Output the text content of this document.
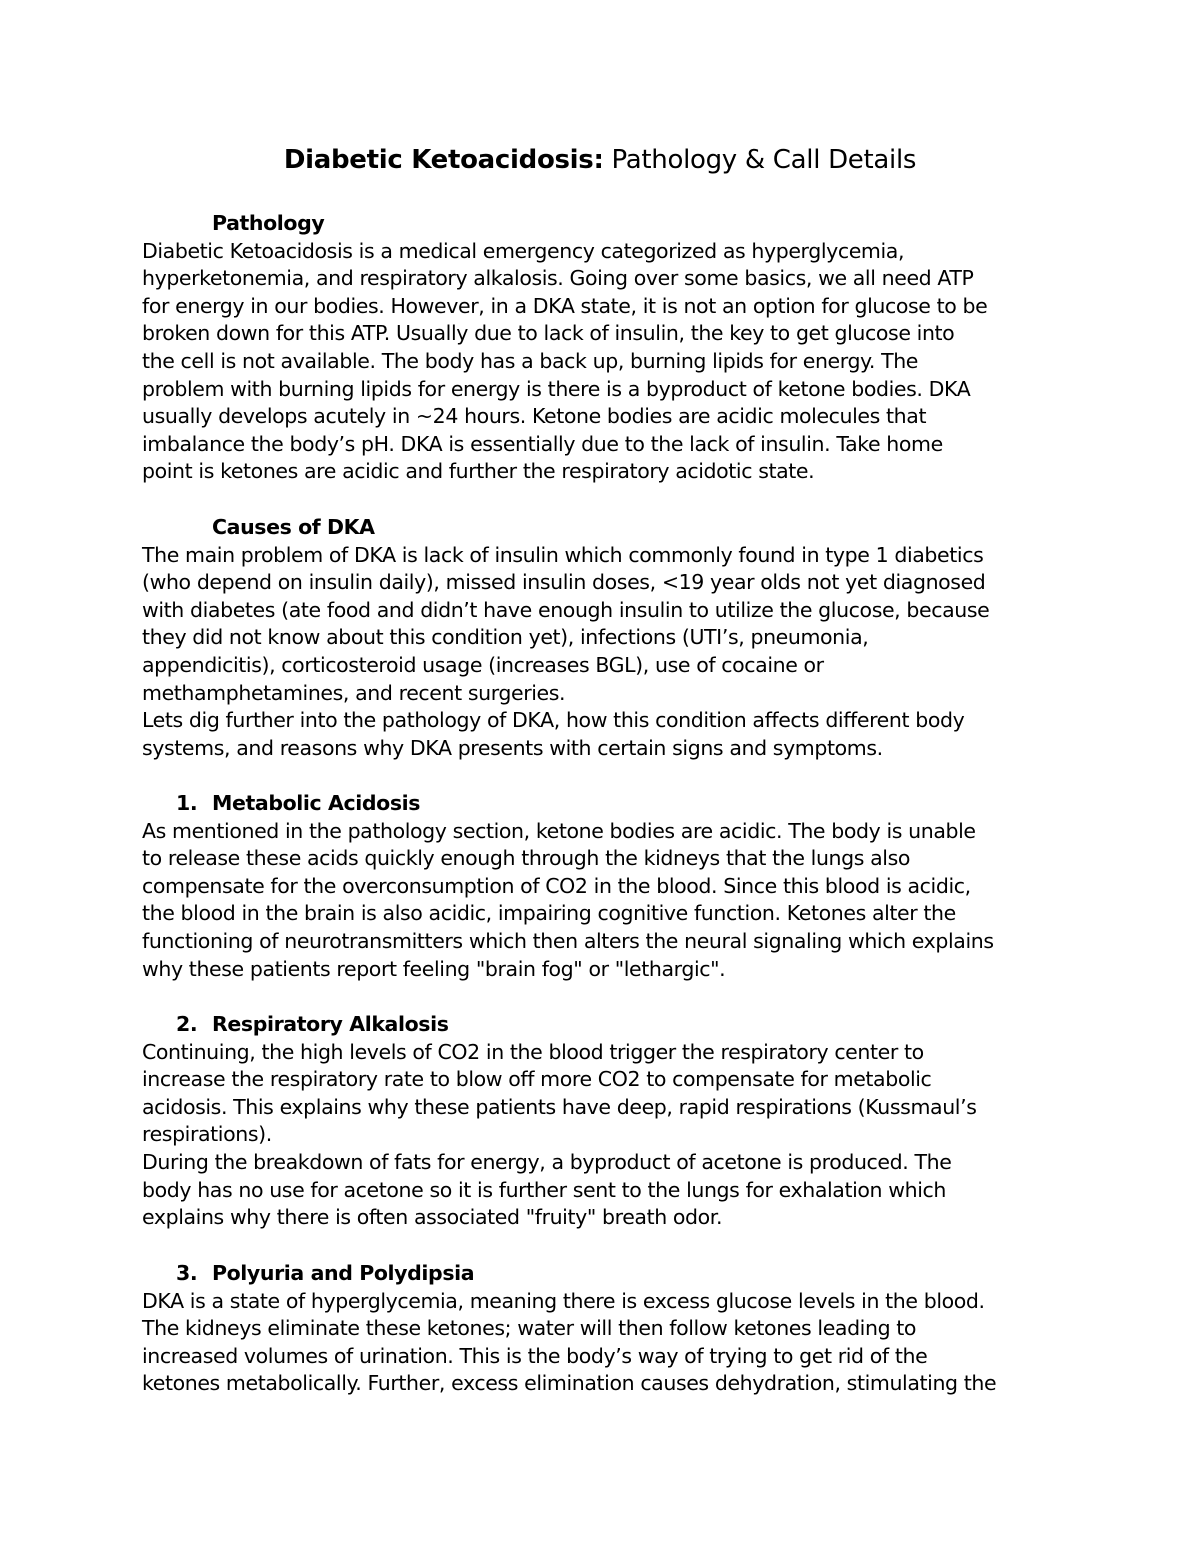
Diabetic Ketoacidosis: Pathology & Call Details
Pathology
Diabetic Ketoacidosis is a medical emergency categorized as hyperglycemia,
hyperketonemia, and respiratory alkalosis. Going over some basics, we all need ATP
for energy in our bodies. However, in a DKA state, it is not an option for glucose to be
broken down for this ATP. Usually due to lack of insulin, the key to get glucose into
the cell is not available. The body has a back up, burning lipids for energy. The
problem with burning lipids for energy is there is a byproduct of ketone bodies. DKA
usually develops acutely in ~24 hours. Ketone bodies are acidic molecules that
imbalance the body’s pH. DKA is essentially due to the lack of insulin. Take home
point is ketones are acidic and further the respiratory acidotic state.
Causes of DKA
The main problem of DKA is lack of insulin which commonly found in type 1 diabetics
(who depend on insulin daily), missed insulin doses, <19 year olds not yet diagnosed
with diabetes (ate food and didn’t have enough insulin to utilize the glucose, because
they did not know about this condition yet), infections (UTI’s, pneumonia,
appendicitis), corticosteroid usage (increases BGL), use of cocaine or
methamphetamines, and recent surgeries.
Lets dig further into the pathology of DKA, how this condition affects different body
systems, and reasons why DKA presents with certain signs and symptoms.
1. Metabolic Acidosis
As mentioned in the pathology section, ketone bodies are acidic. The body is unable
to release these acids quickly enough through the kidneys that the lungs also
compensate for the overconsumption of CO2 in the blood. Since this blood is acidic,
the blood in the brain is also acidic, impairing cognitive function. Ketones alter the
functioning of neurotransmitters which then alters the neural signaling which explains
why these patients report feeling "brain fog" or "lethargic".
2. Respiratory Alkalosis
Continuing, the high levels of CO2 in the blood trigger the respiratory center to
increase the respiratory rate to blow off more CO2 to compensate for metabolic
acidosis. This explains why these patients have deep, rapid respirations (Kussmaul’s
respirations).
During the breakdown of fats for energy, a byproduct of acetone is produced. The
body has no use for acetone so it is further sent to the lungs for exhalation which
explains why there is often associated "fruity" breath odor.
3. Polyuria and Polydipsia
DKA is a state of hyperglycemia, meaning there is excess glucose levels in the blood.
The kidneys eliminate these ketones; water will then follow ketones leading to
increased volumes of urination. This is the body’s way of trying to get rid of the
ketones metabolically. Further, excess elimination causes dehydration, stimulating the
